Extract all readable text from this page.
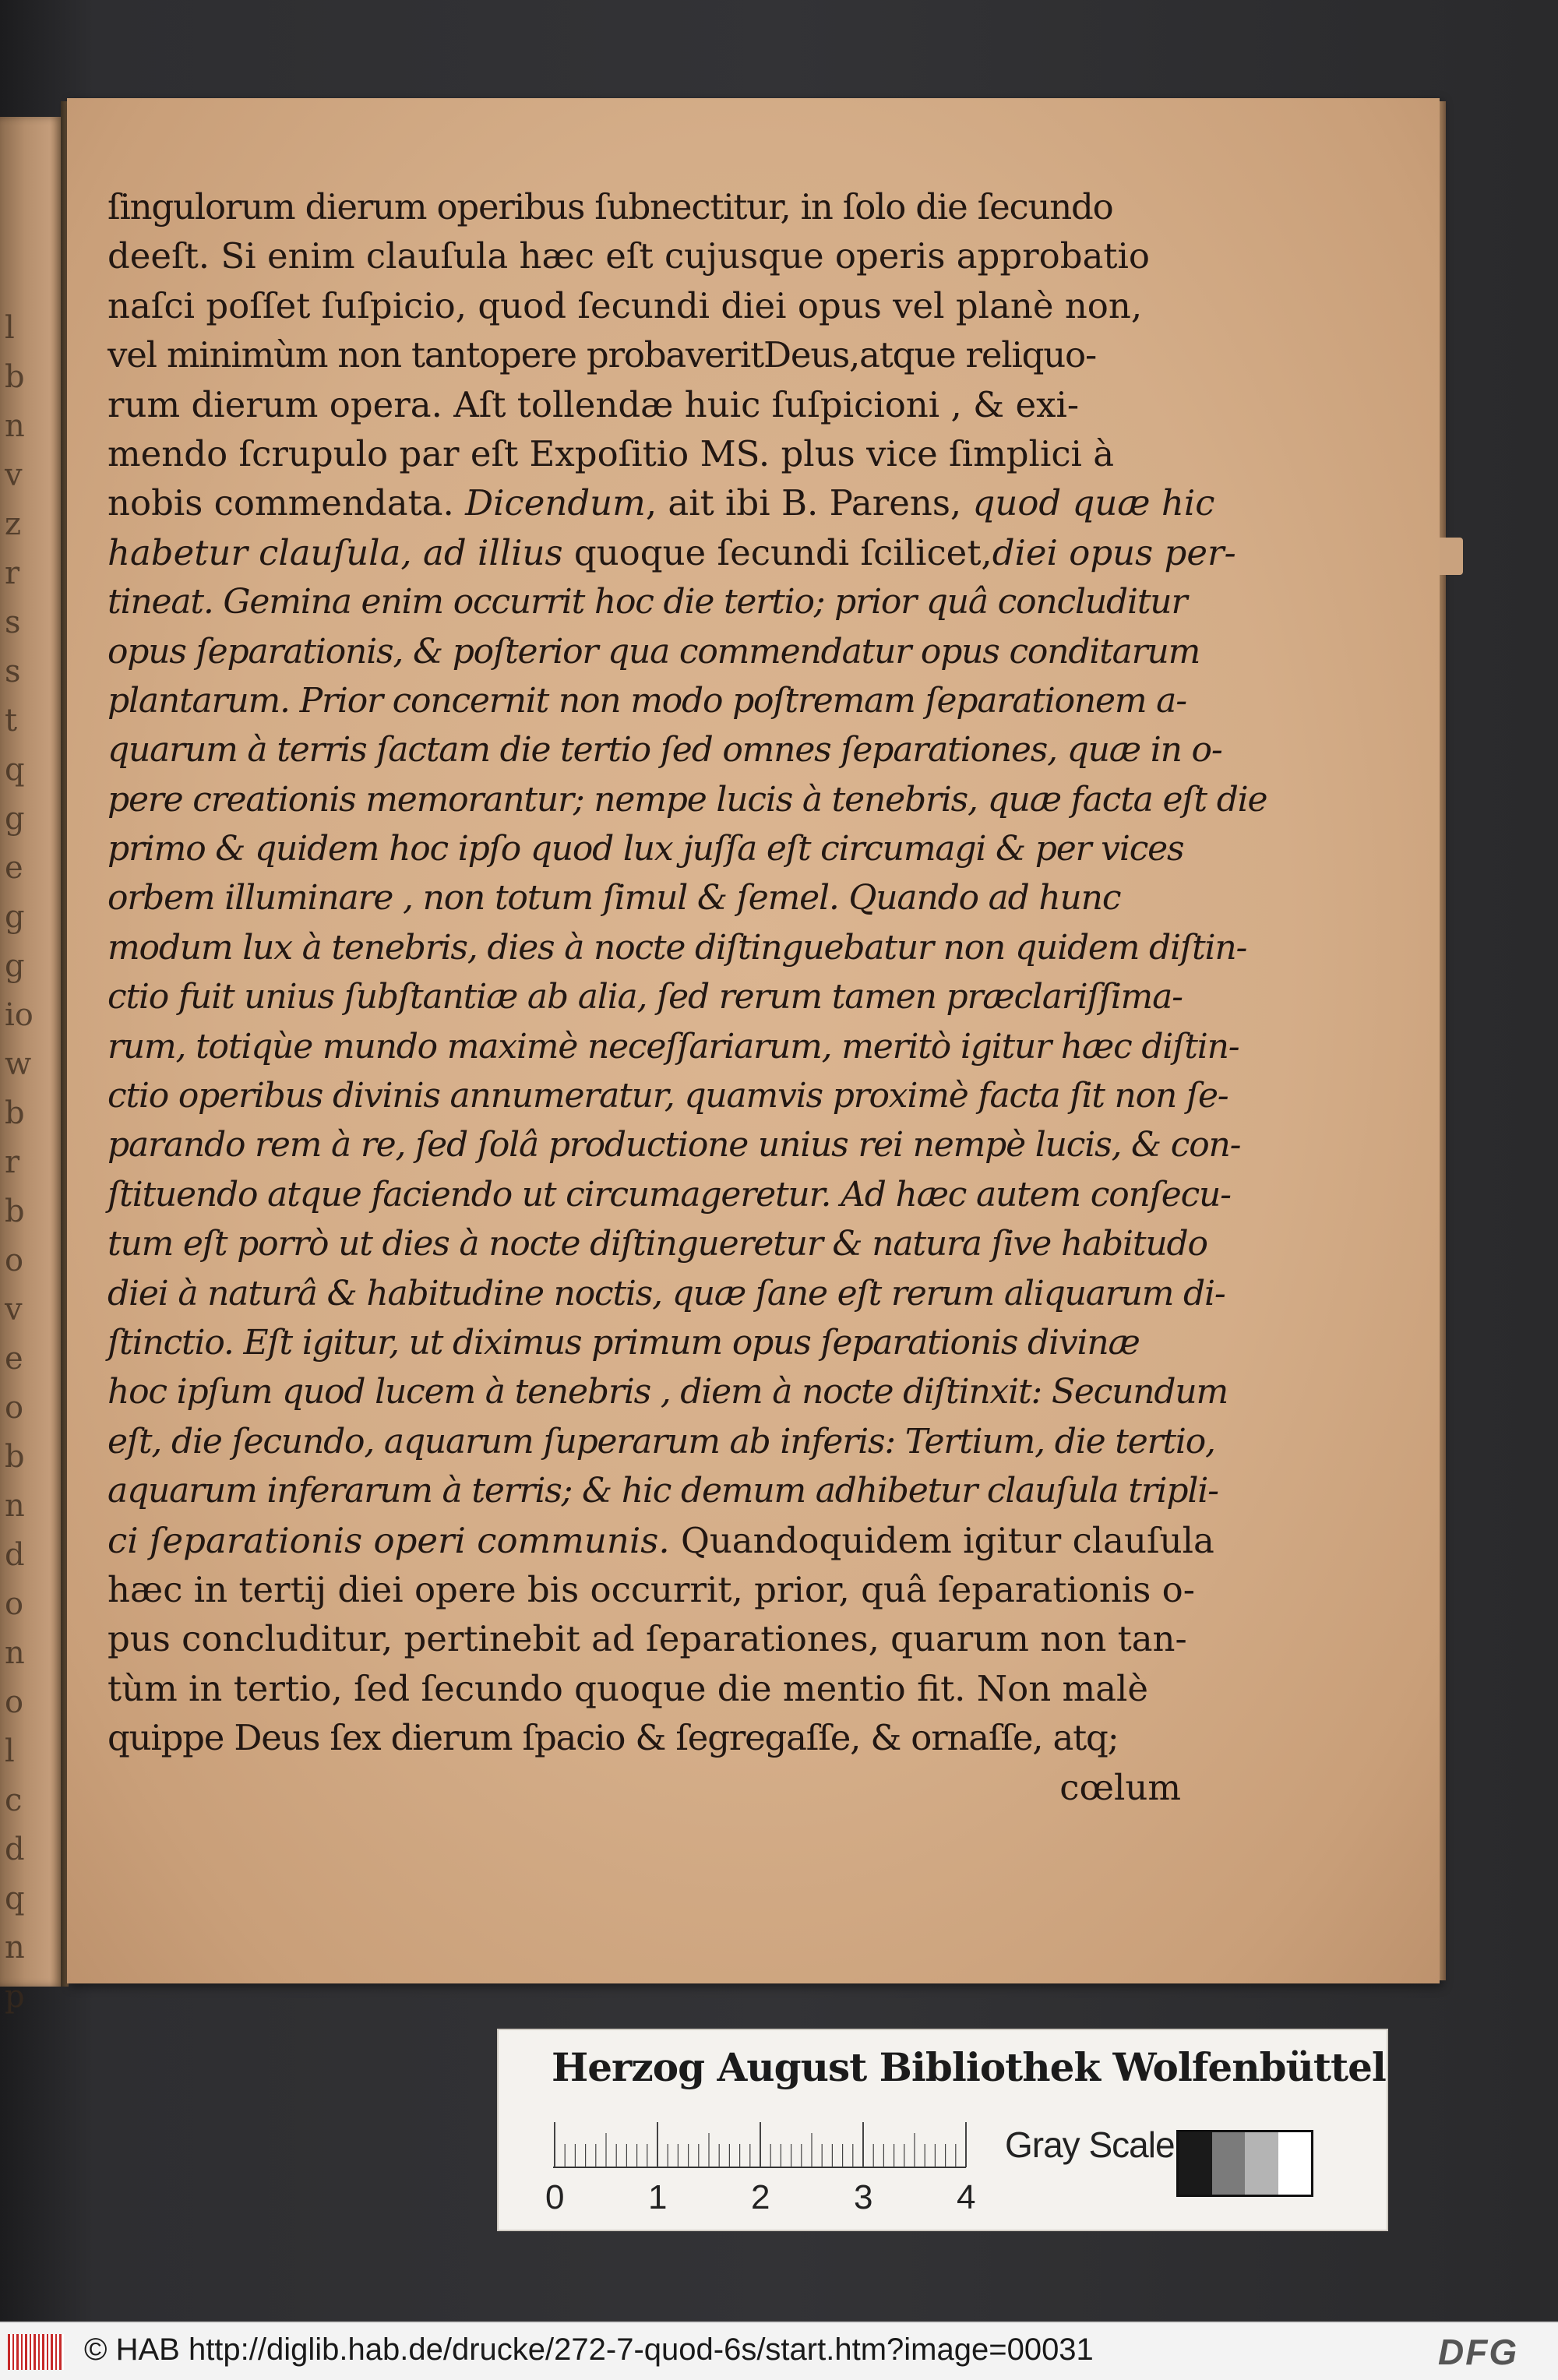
l
b
n
v
z
r
s
s
t
q
g
e
g
g
io
w
b
r
b
o
v
e
o
b
n
d
o
n
o
l
c
d
q
n
p
ſingulorum dierum operibus ſubnectitur, in ſolo die ſecundo
deeſt. Si enim clauſula hæc eſt cujusque operis approbatio
naſci poſſet ſuſpicio, quod ſecundi diei opus vel planè non,
vel minimùm non tantopere probaveritDeus,atque reliquo-
rum dierum opera. Aſt tollendæ huic ſuſpicioni , & exi-
mendo ſcrupulo par eſt Expoſitio MS. plus vice ſimplici à
nobis commendata. Dicendum, ait ibi B. Parens, quod quæ hic
habetur clauſula, ad illius quoque ſecundi ſcilicet,diei opus per-
tineat. Gemina enim occurrit hoc die tertio; prior quâ concluditur
opus ſeparationis, & poſterior qua commendatur opus conditarum
plantarum. Prior concernit non modo poſtremam ſeparationem a-
quarum à terris ſactam die tertio ſed omnes ſeparationes, quæ in o-
pere creationis memorantur; nempe lucis à tenebris, quæ facta eſt die
primo & quidem hoc ipſo quod lux juſſa eſt circumagi & per vices
orbem illuminare , non totum ſimul & ſemel. Quando ad hunc
modum lux à tenebris, dies à nocte diſtinguebatur non quidem diſtin-
ctio fuit unius ſubſtantiæ ab alia, ſed rerum tamen præclariſſima-
rum, totiqùe mundo maximè neceſſariarum, meritò igitur hæc diſtin-
ctio operibus divinis annumeratur, quamvis proximè facta ſit non ſe-
parando rem à re, ſed ſolâ productione unius rei nempè lucis, & con-
ſtituendo atque faciendo ut circumageretur. Ad hæc autem conſecu-
tum eſt porrò ut dies à nocte diſtingueretur & natura ſive habitudo
diei à naturâ & habitudine noctis, quæ ſane eſt rerum aliquarum di-
ſtinctio. Eſt igitur, ut diximus primum opus ſeparationis divinæ
hoc ipſum quod lucem à tenebris , diem à nocte diſtinxit: Secundum
eſt, die ſecundo, aquarum ſuperarum ab inferis: Tertium, die tertio,
aquarum inferarum à terris; & hic demum adhibetur clauſula tripli-
ci ſeparationis operi communis. Quandoquidem igitur clauſula
hæc in tertij diei opere bis occurrit, prior, quâ ſeparationis o-
pus concluditur, pertinebit ad ſeparationes, quarum non tan-
tùm in tertio, ſed ſecundo quoque die mentio fit. Non malè
quippe Deus ſex dierum ſpacio & ſegregaſſe, & ornaſſe, atq;
cœlum
Herzog August Bibliothek Wolfenbüttel
0 1 2 3 4
Gray Scale
© HAB http://diglib.hab.de/drucke/272-7-quod-6s/start.htm?image=00031	DFG
